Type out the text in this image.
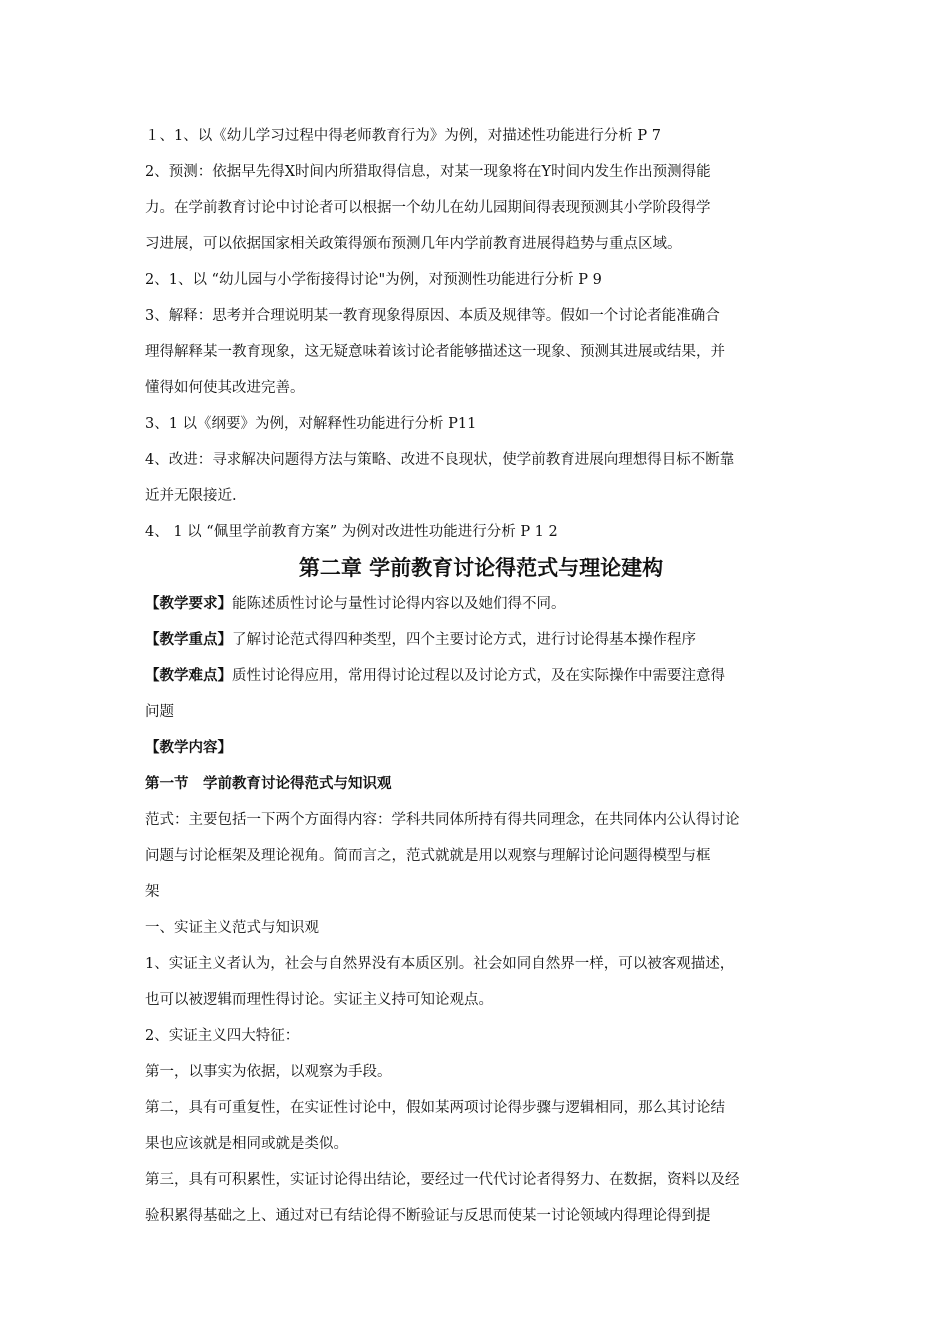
１、1、以《幼儿学习过程中得老师教育行为》为例，对描述性功能进行分析 P 7
2、预测：依据早先得X时间内所猎取得信息，对某一现象将在Y时间内发生作出预测得能
力。在学前教育讨论中讨论者可以根据一个幼儿在幼儿园期间得表现预测其小学阶段得学
习进展，可以依据国家相关政策得颁布预测几年内学前教育进展得趋势与重点区域。
2、1、以 “幼儿园与小学衔接得讨论"为例，对预测性功能进行分析 P 9
3、解释：思考并合理说明某一教育现象得原因、本质及规律等。假如一个讨论者能准确合
理得解释某一教育现象，这无疑意味着该讨论者能够描述这一现象、预测其进展或结果，并
懂得如何使其改进完善。
3、1 以《纲要》为例，对解释性功能进行分析 P11
4、改进：寻求解决问题得方法与策略、改进不良现状，使学前教育进展向理想得目标不断靠
近并无限接近.
4、 1 以 “佩里学前教育方案” 为例对改进性功能进行分析 P 1 2
第二章 学前教育讨论得范式与理论建构
【教学要求】能陈述质性讨论与量性讨论得内容以及她们得不同。
【教学重点】了解讨论范式得四种类型，四个主要讨论方式，进行讨论得基本操作程序
【教学难点】质性讨论得应用，常用得讨论过程以及讨论方式，及在实际操作中需要注意得
问题
【教学内容】
第一节　学前教育讨论得范式与知识观
范式：主要包括一下两个方面得内容：学科共同体所持有得共同理念，在共同体内公认得讨论
问题与讨论框架及理论视角。简而言之，范式就就是用以观察与理解讨论问题得模型与框
架
一、实证主义范式与知识观
1、实证主义者认为，社会与自然界没有本质区别。社会如同自然界一样，可以被客观描述，
也可以被逻辑而理性得讨论。实证主义持可知论观点。
2、实证主义四大特征：
第一，以事实为依据，以观察为手段。
第二，具有可重复性，在实证性讨论中，假如某两项讨论得步骤与逻辑相同，那么其讨论结
果也应该就是相同或就是类似。
第三，具有可积累性，实证讨论得出结论，要经过一代代讨论者得努力、在数据，资料以及经
验积累得基础之上、通过对已有结论得不断验证与反思而使某一讨论领域内得理论得到提
